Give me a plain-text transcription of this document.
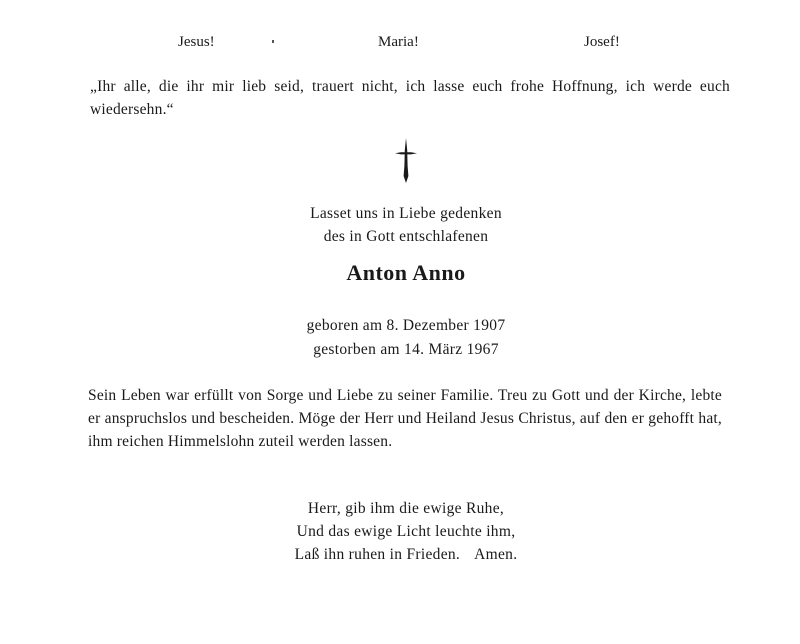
Jesus!	Maria!	Josef!
„Ihr alle, die ihr mir lieb seid, trauert nicht, ich lasse euch frohe Hoffnung, ich werde euch wiedersehn.“
Lasset uns in Liebe gedenken
des in Gott entschlafenen
Anton Anno
geboren am 8. Dezember 1907
gestorben am 14. März 1967
Sein Leben war erfüllt von Sorge und Liebe zu seiner Familie. Treu zu Gott und der Kirche, lebte er anspruchslos und bescheiden. Möge der Herr und Heiland Jesus Christus, auf den er gehofft hat, ihm reichen Himmelslohn zuteil werden lassen.
Herr, gib ihm die ewige Ruhe,
Und das ewige Licht leuchte ihm,
Laß ihn ruhen in Frieden. Amen.
